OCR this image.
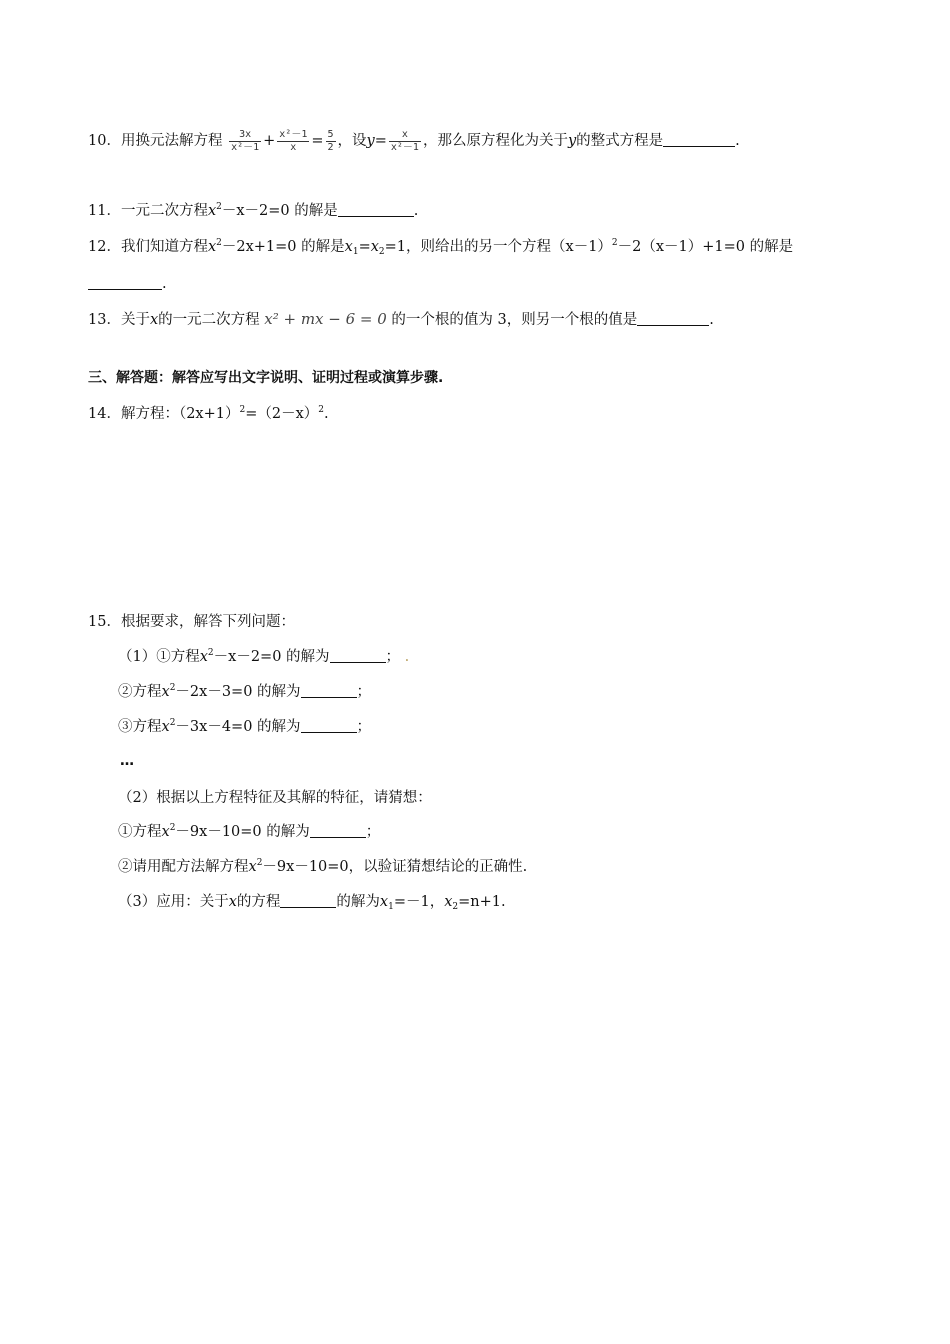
10．用换元法解方程 $\frac{3x}{\text{x²－1}} + \frac{\text{x²－1}}{x} = \frac{5}{2}$ ，设$y= \frac{x}{\text{x²－1}}$ ，那么原方程化为关于y的整式方程是	.
11．一元二次方程$x^2-x-2=0$ 的解是	.
12．我们知道方程$x^2-2x+1=0$ 的解是$x_1=x_2=1$，则给出的另一个方程$(x-1)^2-2(x-1)+1=0$ 的解是
.
13．关于x的一元二次方程 x² + mx − 6 = 0 的一个根的值为 3，则另一个根的值是	.
三、解答题：解答应写出文字说明、证明过程或演算步骤.
14．解方程：$(2x+1)^2=(2-x)^2$.
15．根据要求，解答下列问题：
（1）①方程$x^2-x-2=0$ 的解为	； .
②方程$x^2-2x-3=0$ 的解为	；
③方程$x^2-3x-4=0$ 的解为	；
…
（2）根据以上方程特征及其解的特征，请猜想：
①方程$x^2-9x-10=0$ 的解为	；
②请用配方法解方程$x^2-9x-10=0$，以验证猜想结论的正确性.
（3）应用：关于x的方程	的解为$x_1=-1$，$x_2=n+1$.
